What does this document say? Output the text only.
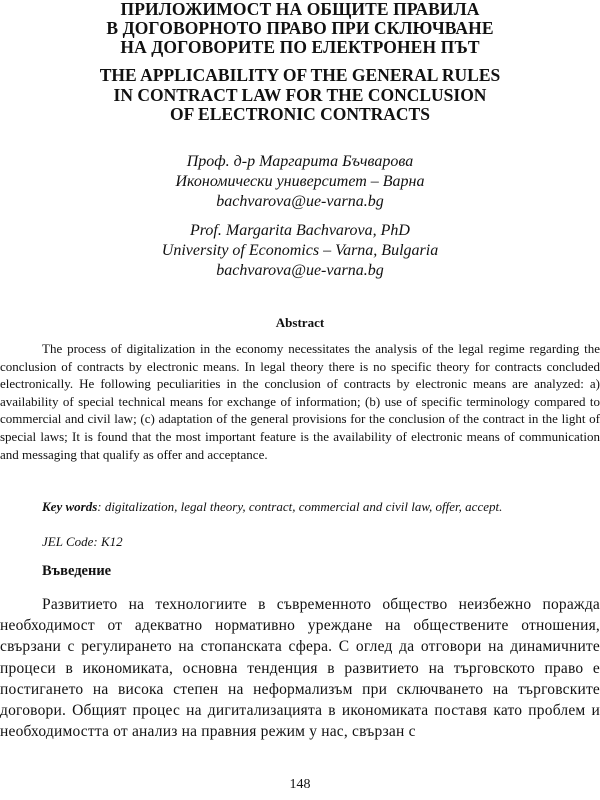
ПРИЛОЖИМОСТ НА ОБЩИТЕ ПРАВИЛА
В ДОГОВОРНОТО ПРАВО ПРИ СКЛЮЧВАНЕ
НА ДОГОВОРИТЕ ПО ЕЛЕКТРОНЕН ПЪТ
THE APPLICABILITY OF THE GENERAL RULES
IN CONTRACT LAW FOR THE CONCLUSION
OF ELECTRONIC CONTRACTS
Проф. д-р Маргарита Бъчварова
Икономически университет – Варна
bachvarova@ue-varna.bg
Prof. Margarita Bachvarova, PhD
University of Economics – Varna, Bulgaria
bachvarova@ue-varna.bg
Abstract

The process of digitalization in the economy necessitates the analysis of the legal regime regarding the conclusion of contracts by electronic means. In legal theory there is no specific theory for contracts concluded electronically. He following peculiarities in the conclusion of contracts by electronic means are analyzed: a) availability of special technical means for exchange of information; (b) use of specific terminology compared to commercial and civil law; (c) adaptation of the general provisions for the conclusion of the contract in the light of special laws; It is found that the most important feature is the availability of electronic means of communication and messaging that qualify as offer and acceptance.

Key words: digitalization, legal theory, contract, commercial and civil law, offer, accept.

JEL Code: K12
Въведение

Развитието на технологиите в съвременното общество неизбежно поражда необходимост от адекватно нормативно уреждане на обществените отношения, свързани с регулирането на стопанската сфера. С оглед да отговори на динамичните процеси в икономиката, основна тенденция в развитието на търговското право е постигането на висока степен на неформализъм при сключването на търговските договори. Общият процес на дигитализацията в икономиката поставя като проблем и необходимостта от анализ на правния режим у нас, свързан с

148
